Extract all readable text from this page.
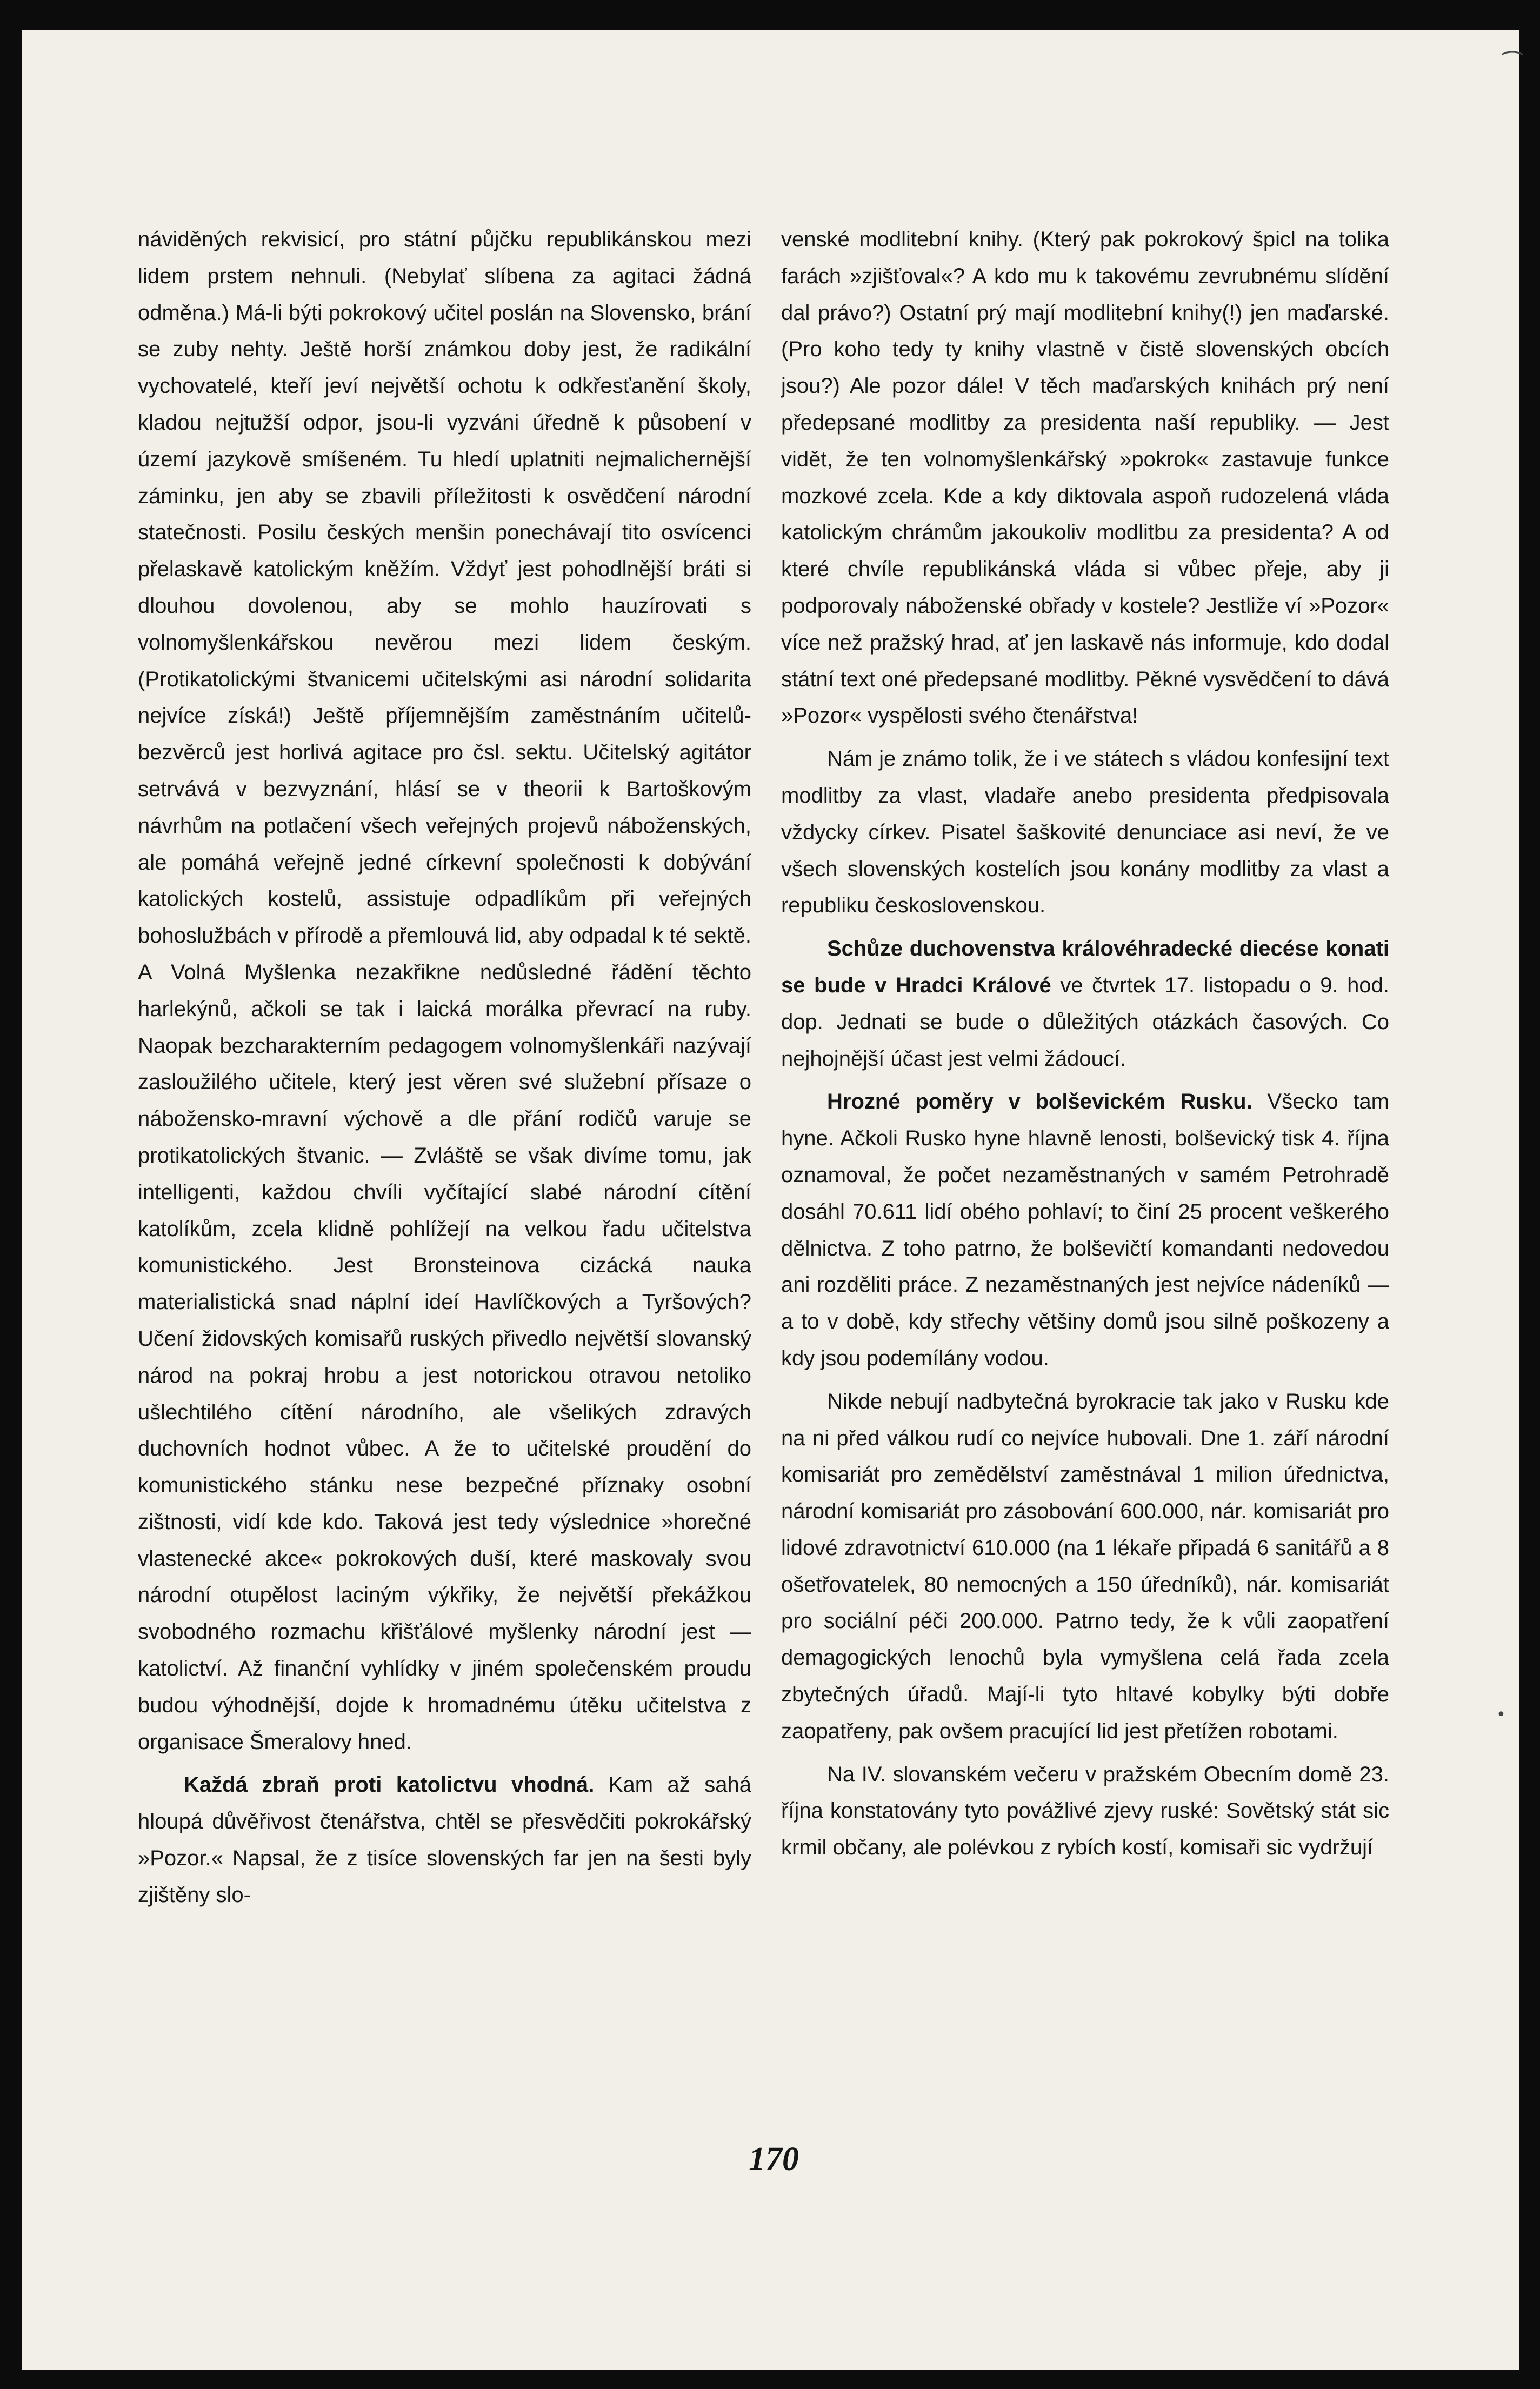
⁀
•

náviděných rekvisicí, pro státní půjčku republikánskou mezi lidem prstem nehnuli. (Nebylať slíbena za agitaci žádná odměna.) Má-li býti pokrokový učitel poslán na Slovensko, brání se zuby nehty. Ještě horší známkou doby jest, že radikální vychovatelé, kteří jeví největší ochotu k odkřesťanění školy, kladou nejtužší odpor, jsou-li vyzváni úředně k působení v území jazykově smíšeném. Tu hledí uplatniti nejmalichernější záminku, jen aby se zbavili příležitosti k osvědčení národní statečnosti. Posilu českých menšin ponechávají tito osvícenci přelaskavě katolickým kněžím. Vždyť jest pohodlnější bráti si dlouhou dovolenou, aby se mohlo hauzírovati s volnomyšlenkářskou nevěrou mezi lidem českým. (Protikatolickými štvanicemi učitelskými asi národní solidarita nejvíce získá!) Ještě příjemnějším zaměstnáním učitelů-bezvěrců jest horlivá agitace pro čsl. sektu. Učitelský agitátor setrvává v bezvyznání, hlásí se v theorii k Bartoškovým návrhům na potlačení všech veřejných projevů náboženských, ale pomáhá veřejně jedné církevní společnosti k dobývání katolických kostelů, assistuje odpadlíkům při veřejných bohoslužbách v přírodě a přemlouvá lid, aby odpadal k té sektě. A Volná Myšlenka nezakřikne nedůsledné řádění těchto harlekýnů, ačkoli se tak i laická morálka převrací na ruby. Naopak bezcharakterním pedagogem volnomyšlenkáři nazývají zasloužilého učitele, který jest věren své služební přísaze o nábožensko-mravní výchově a dle přání rodičů varuje se protikatolických štvanic. — Zvláště se však divíme tomu, jak intelligenti, každou chvíli vyčítající slabé národní cítění katolíkům, zcela klidně pohlížejí na velkou řadu učitelstva komunistického. Jest Bronsteinova cizácká nauka materialistická snad náplní ideí Havlíčkových a Tyršových? Učení židovských komisařů ruských přivedlo největší slovanský národ na pokraj hrobu a jest notorickou otravou netoliko ušlechtilého cítění národního, ale všelikých zdravých duchovních hodnot vůbec. A že to učitelské proudění do komunistického stánku nese bezpečné příznaky osobní zištnosti, vidí kde kdo. Taková jest tedy výslednice »horečné vlastenecké akce« pokrokových duší, které maskovaly svou národní otupělost laciným výkřiky, že největší překážkou svobodného rozmachu křišťálové myšlenky národní jest — katolictví. Až finanční vyhlídky v jiném společenském proudu budou výhodnější, dojde k hromadnému útěku učitelstva z organisace Šmeralovy hned.

Každá zbraň proti katolictvu vhodná. Kam až sahá hloupá důvěřivost čtenářstva, chtěl se přesvědčiti pokrokářský »Pozor.« Napsal, že z tisíce slovenských far jen na šesti byly zjištěny slo-

venské modlitební knihy. (Který pak pokrokový špicl na tolika farách »zjišťoval«? A kdo mu k takovému zevrubnému slídění dal právo?) Ostatní prý mají modlitební knihy(!) jen maďarské. (Pro koho tedy ty knihy vlastně v čistě slovenských obcích jsou?) Ale pozor dále! V těch maďarských knihách prý není předepsané modlitby za presidenta naší republiky. — Jest vidět, že ten volnomyšlenkářský »pokrok« zastavuje funkce mozkové zcela. Kde a kdy diktovala aspoň rudozelená vláda katolickým chrámům jakoukoliv modlitbu za presidenta? A od které chvíle republikánská vláda si vůbec přeje, aby ji podporovaly náboženské obřady v kostele? Jestliže ví »Pozor« více než pražský hrad, ať jen laskavě nás informuje, kdo dodal státní text oné předepsané modlitby. Pěkné vysvědčení to dává »Pozor« vyspělosti svého čtenářstva!

Nám je známo tolik, že i ve státech s vládou konfesijní text modlitby za vlast, vladaře anebo presidenta předpisovala vždycky církev. Pisatel šaškovité denunciace asi neví, že ve všech slovenských kostelích jsou konány modlitby za vlast a republiku československou.

Schůze duchovenstva královéhradecké diecése konati se bude v Hradci Králové ve čtvrtek 17. listopadu o 9. hod. dop. Jednati se bude o důležitých otázkách časových. Co nejhojnější účast jest velmi žádoucí.

Hrozné poměry v bolševickém Rusku. Všecko tam hyne. Ačkoli Rusko hyne hlavně lenosti, bolševický tisk 4. října oznamoval, že počet nezaměstnaných v samém Petrohradě dosáhl 70.611 lidí obého pohlaví; to činí 25 procent veškerého dělnictva. Z toho patrno, že bolševičtí komandanti nedovedou ani rozděliti práce. Z nezaměstnaných jest nejvíce nádeníků — a to v době, kdy střechy většiny domů jsou silně poškozeny a kdy jsou podemílány vodou.

Nikde nebují nadbytečná byrokracie tak jako v Rusku kde na ni před válkou rudí co nejvíce hubovali. Dne 1. září národní komisariát pro zemědělství zaměstnával 1 milion úřednictva, národní komisariát pro zásobování 600.000, nár. komisariát pro lidové zdravotnictví 610.000 (na 1 lékaře připadá 6 sanitářů a 8 ošetřovatelek, 80 nemocných a 150 úředníků), nár. komisariát pro sociální péči 200.000. Patrno tedy, že k vůli zaopatření demagogických lenochů byla vymyšlena celá řada zcela zbytečných úřadů. Mají-li tyto hltavé kobylky býti dobře zaopatřeny, pak ovšem pracující lid jest přetížen robotami.

Na IV. slovanském večeru v pražském Obecním domě 23. října konstatovány tyto povážlivé zjevy ruské: Sovětský stát sic krmil občany, ale polévkou z rybích kostí, komisaři sic vydržují

170
